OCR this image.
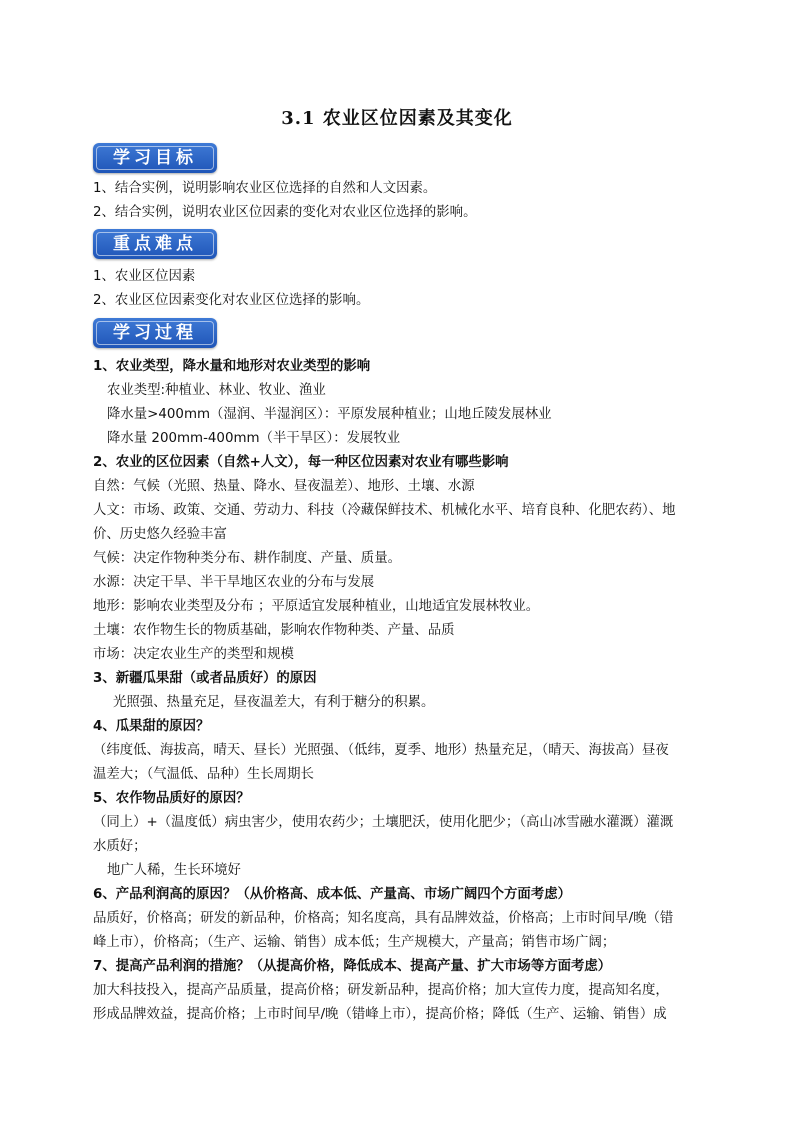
3.1 农业区位因素及其变化
学习目标
1、结合实例，说明影响农业区位选择的自然和人文因素。
2、结合实例，说明农业区位因素的变化对农业区位选择的影响。
重点难点
1、农业区位因素
2、农业区位因素变化对农业区位选择的影响。
学习过程
1、农业类型，降水量和地形对农业类型的影响
农业类型:种植业、林业、牧业、渔业
降水量>400mm（湿润、半湿润区）：平原发展种植业；山地丘陵发展林业
降水量 200mm-400mm（半干旱区）：发展牧业
2、农业的区位因素（自然+人文），每一种区位因素对农业有哪些影响
自然：气候（光照、热量、降水、昼夜温差）、地形、土壤、水源
人文：市场、政策、交通、劳动力、科技（冷藏保鲜技术、机械化水平、培育良种、化肥农药）、地
价、历史悠久经验丰富
气候：决定作物种类分布、耕作制度、产量、质量。
水源：决定干旱、半干旱地区农业的分布与发展
地形：影响农业类型及分布 ；平原适宜发展种植业，山地适宜发展林牧业。
土壤：农作物生长的物质基础，影响农作物种类、产量、品质
市场：决定农业生产的类型和规模
3、新疆瓜果甜（或者品质好）的原因
光照强、热量充足，昼夜温差大，有利于糖分的积累。
4、瓜果甜的原因？
（纬度低、海拔高，晴天、昼长）光照强、（低纬，夏季、地形）热量充足，（晴天、海拔高）昼夜
温差大；（气温低、品种）生长周期长
5、农作物品质好的原因？
（同上）+（温度低）病虫害少，使用农药少；土壤肥沃，使用化肥少；（高山冰雪融水灌溉）灌溉
水质好；
地广人稀，生长环境好
6、产品利润高的原因？（从价格高、成本低、产量高、市场广阔四个方面考虑）
品质好，价格高；研发的新品种，价格高；知名度高，具有品牌效益，价格高；上市时间早/晚（错
峰上市），价格高；（生产、运输、销售）成本低；生产规模大，产量高；销售市场广阔；
7、提高产品利润的措施？（从提高价格，降低成本、提高产量、扩大市场等方面考虑）
加大科技投入，提高产品质量，提高价格；研发新品种，提高价格；加大宣传力度，提高知名度，
形成品牌效益，提高价格；上市时间早/晚（错峰上市），提高价格；降低（生产、运输、销售）成
